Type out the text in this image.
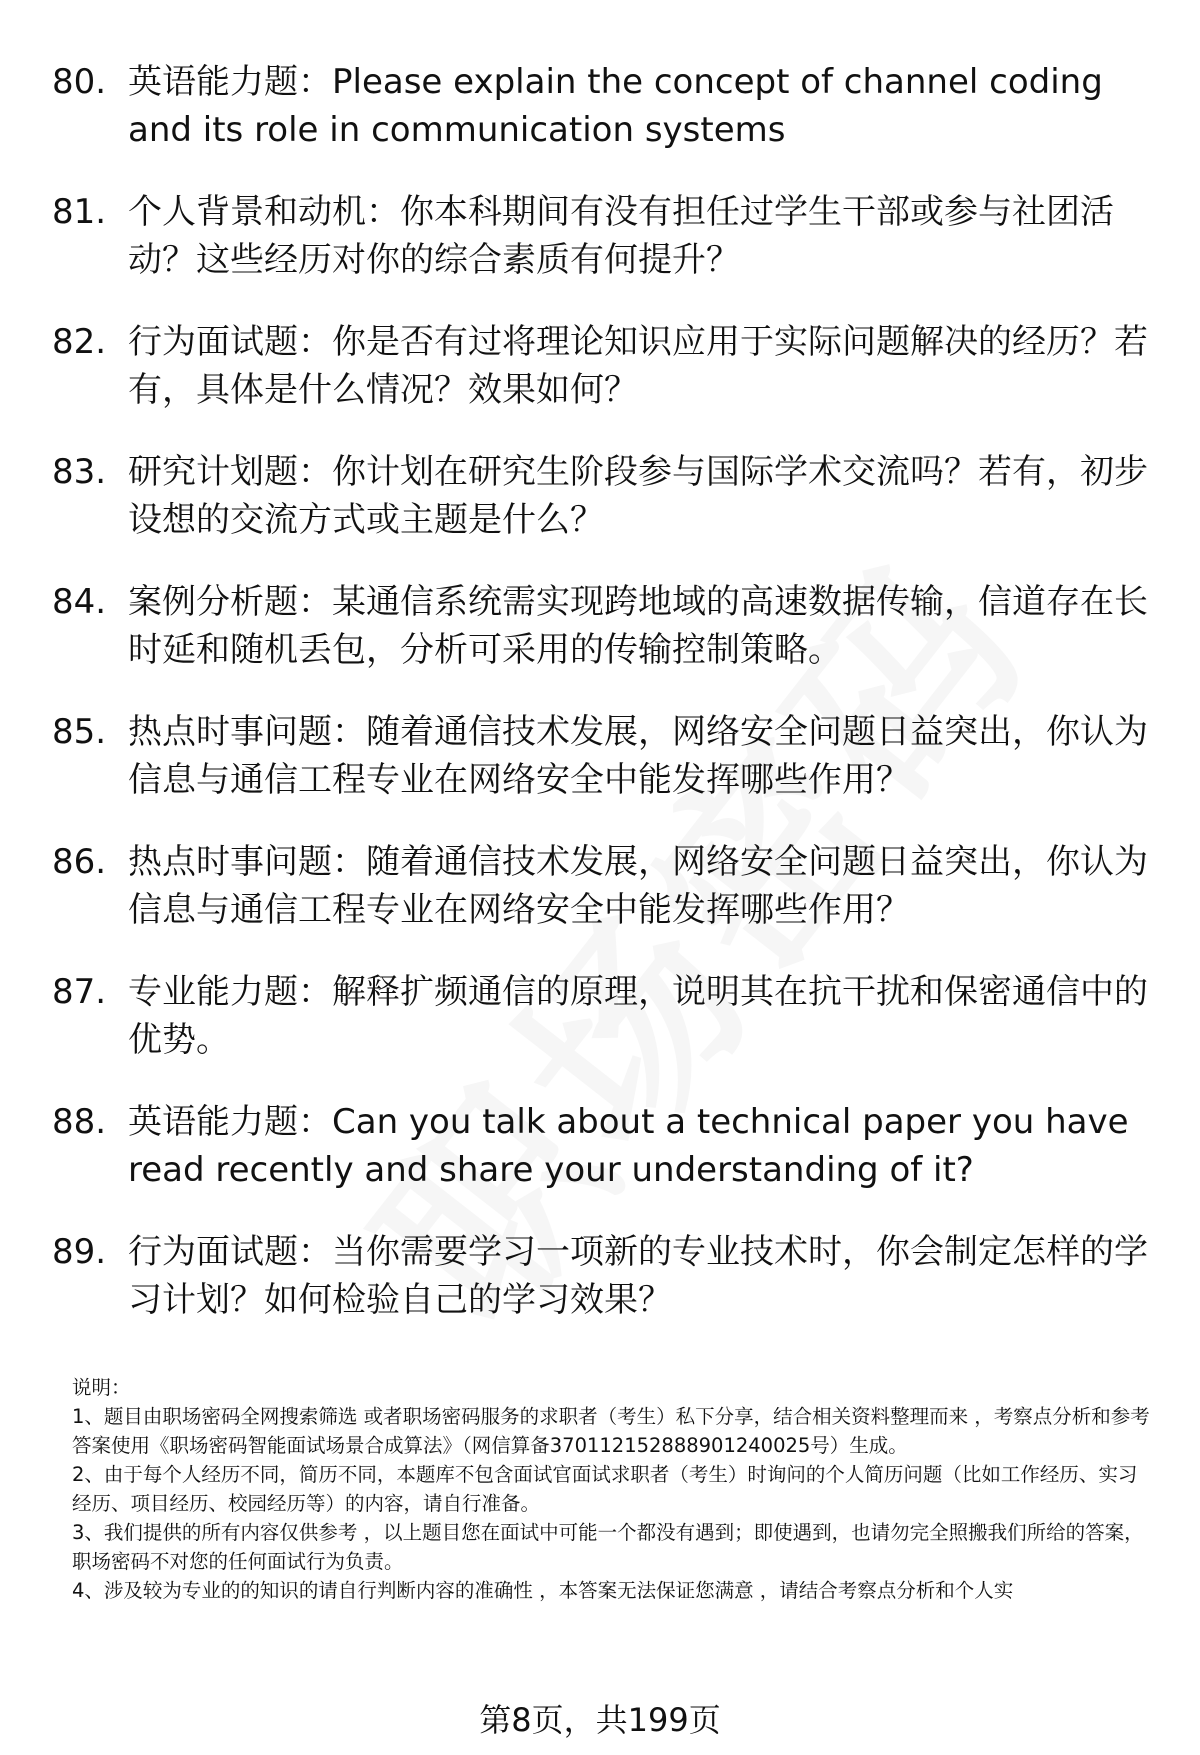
80. 英语能力题：Please explain the concept of channel coding and its role in communication systems
81. 个人背景和动机：你本科期间有没有担任过学生干部或参与社团活动？这些经历对你的综合素质有何提升？
82. 行为面试题：你是否有过将理论知识应用于实际问题解决的经历？若有，具体是什么情况？效果如何？
83. 研究计划题：你计划在研究生阶段参与国际学术交流吗？若有，初步设想的交流方式或主题是什么？
84. 案例分析题：某通信系统需实现跨地域的高速数据传输，信道存在长时延和随机丢包，分析可采用的传输控制策略。
85. 热点时事问题：随着通信技术发展，网络安全问题日益突出，你认为信息与通信工程专业在网络安全中能发挥哪些作用？
86. 热点时事问题：随着通信技术发展，网络安全问题日益突出，你认为信息与通信工程专业在网络安全中能发挥哪些作用？
87. 专业能力题：解释扩频通信的原理，说明其在抗干扰和保密通信中的优势。
88. 英语能力题：Can you talk about a technical paper you have read recently and share your understanding of it?
89. 行为面试题：当你需要学习一项新的专业技术时，你会制定怎样的学习计划？如何检验自己的学习效果？

说明：

1、题目由职场密码全网搜索筛选 或者职场密码服务的求职者（考生）私下分享，结合相关资料整理而来 ，考察点分析和参考答案使用《职场密码智能面试场景合成算法》（网信算备370112152888901240025号）生成。

2、由于每个人经历不同，简历不同，本题库不包含面试官面试求职者（考生）时询问的个人简历问题（比如工作经历、实习经历、项目经历、校园经历等）的内容，请自行准备。

3、我们提供的所有内容仅供参考 ，以上题目您在面试中可能一个都没有遇到；即使遇到，也请勿完全照搬我们所给的答案，职场密码不对您的任何面试行为负责。

4、涉及较为专业的的知识的请自行判断内容的准确性 ，本答案无法保证您满意 ，请结合考察点分析和个人实

第8页，共199页
